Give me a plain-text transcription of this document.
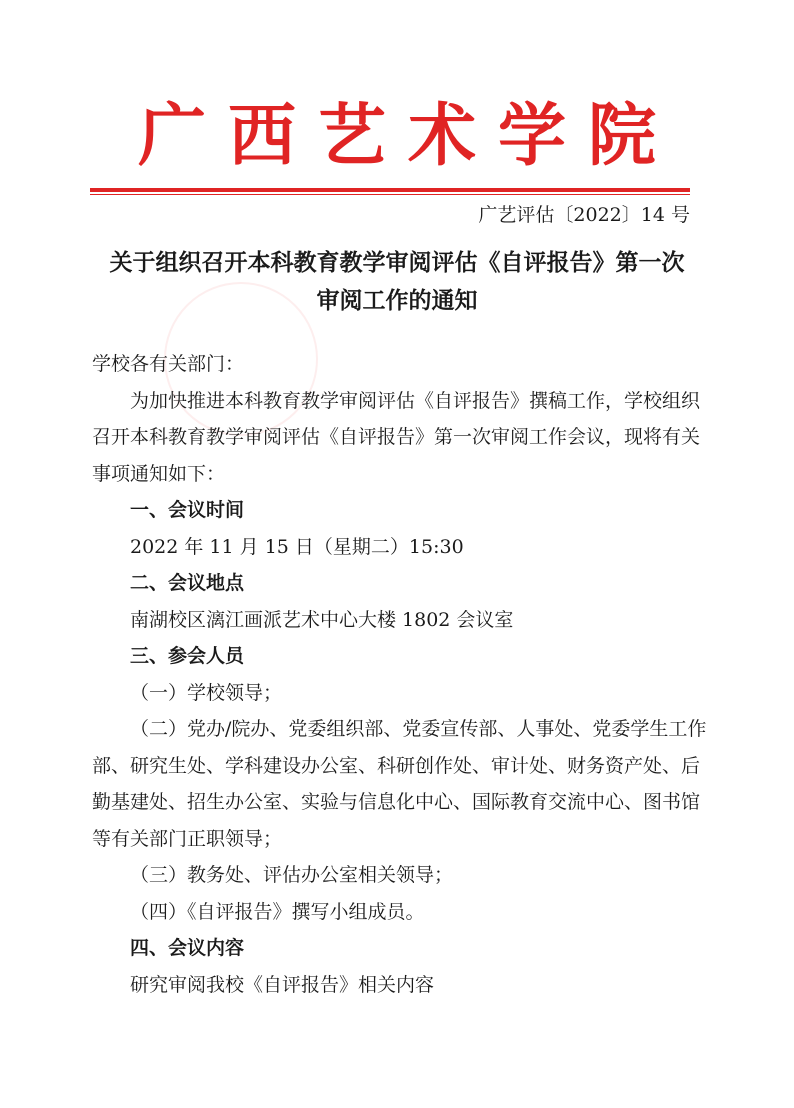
广西艺术学院
广艺评估〔2022〕14 号
关于组织召开本科教育教学审阅评估《自评报告》第一次
审阅工作的通知

学校各有关部门：

为加快推进本科教育教学审阅评估《自评报告》撰稿工作，学校组织召开本科教育教学审阅评估《自评报告》第一次审阅工作会议，现将有关事项通知如下：

一、会议时间

2022 年 11 月 15 日（星期二）15:30

二、会议地点

南湖校区漓江画派艺术中心大楼 1802 会议室

三、参会人员

（一）学校领导；

（二）党办/院办、党委组织部、党委宣传部、人事处、党委学生工作部、研究生处、学科建设办公室、科研创作处、审计处、财务资产处、后勤基建处、招生办公室、实验与信息化中心、国际教育交流中心、图书馆等有关部门正职领导；

（三）教务处、评估办公室相关领导；

（四）《自评报告》撰写小组成员。

四、会议内容

研究审阅我校《自评报告》相关内容
